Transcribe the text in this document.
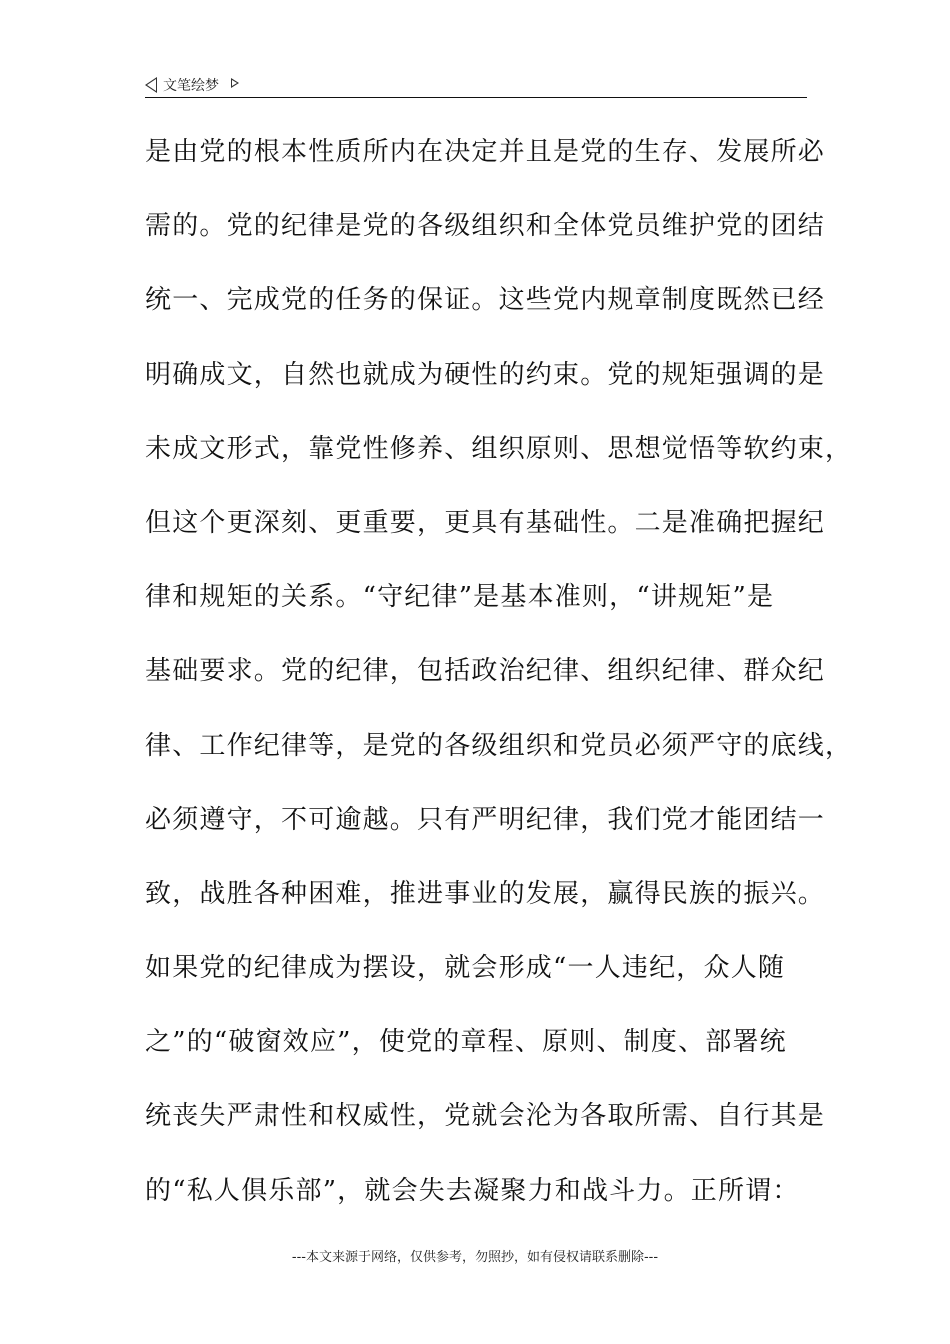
文笔绘梦
是由党的根本性质所内在决定并且是党的生存、发展所必
需的。党的纪律是党的各级组织和全体党员维护党的团结
统一、完成党的任务的保证。这些党内规章制度既然已经
明确成文，自然也就成为硬性的约束。党的规矩强调的是
未成文形式，靠党性修养、组织原则、思想觉悟等软约束，
但这个更深刻、更重要，更具有基础性。二是准确把握纪
律和规矩的关系。“守纪律”是基本准则，“讲规矩”是
基础要求。党的纪律，包括政治纪律、组织纪律、群众纪
律、工作纪律等，是党的各级组织和党员必须严守的底线，
必须遵守，不可逾越。只有严明纪律，我们党才能团结一
致，战胜各种困难，推进事业的发展，赢得民族的振兴。
如果党的纪律成为摆设，就会形成“一人违纪，众人随
之”的“破窗效应”，使党的章程、原则、制度、部署统
统丧失严肃性和权威性，党就会沦为各取所需、自行其是
的“私人俱乐部”，就会失去凝聚力和战斗力。正所谓：
---本文来源于网络，仅供参考，勿照抄，如有侵权请联系删除---
